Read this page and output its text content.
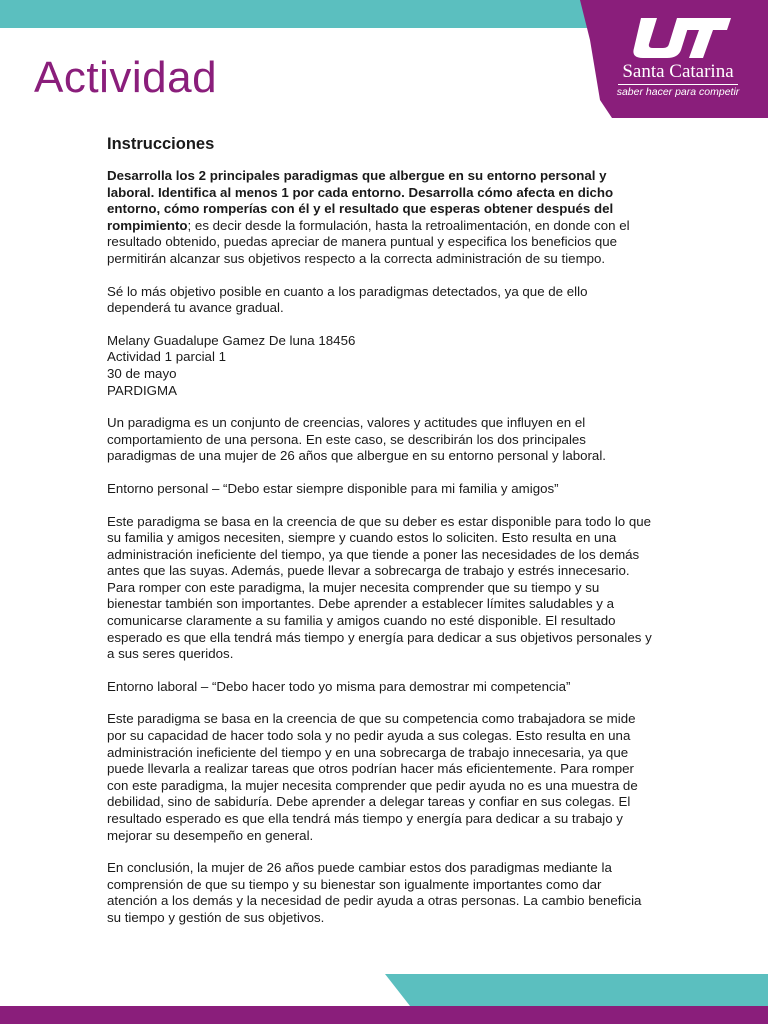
Actividad	Santa Catarina
saber hacer para competir
Instrucciones

Desarrolla los 2 principales paradigmas que albergue en su entorno personal y laboral. Identifica al menos 1 por cada entorno. Desarrolla cómo afecta en dicho entorno, cómo romperías con él y el resultado que esperas obtener después del rompimiento; es decir desde la formulación, hasta la retroalimentación, en donde con el resultado obtenido, puedas apreciar de manera puntual y especifica los beneficios que permitirán alcanzar sus objetivos respecto a la correcta administración de su tiempo.

Sé lo más objetivo posible en cuanto a los paradigmas detectados, ya que de ello dependerá tu avance gradual.

Melany Guadalupe Gamez De luna 18456
Actividad 1 parcial 1
30 de mayo
PARDIGMA

Un paradigma es un conjunto de creencias, valores y actitudes que influyen en el comportamiento de una persona. En este caso, se describirán los dos principales paradigmas de una mujer de 26 años que albergue en su entorno personal y laboral.

Entorno personal – “Debo estar siempre disponible para mi familia y amigos”

Este paradigma se basa en la creencia de que su deber es estar disponible para todo lo que su familia y amigos necesiten, siempre y cuando estos lo soliciten. Esto resulta en una administración ineficiente del tiempo, ya que tiende a poner las necesidades de los demás antes que las suyas. Además, puede llevar a sobrecarga de trabajo y estrés innecesario. Para romper con este paradigma, la mujer necesita comprender que su tiempo y su bienestar también son importantes. Debe aprender a establecer límites saludables y a comunicarse claramente a su familia y amigos cuando no esté disponible. El resultado esperado es que ella tendrá más tiempo y energía para dedicar a sus objetivos personales y a sus seres queridos.

Entorno laboral – “Debo hacer todo yo misma para demostrar mi competencia”

Este paradigma se basa en la creencia de que su competencia como trabajadora se mide por su capacidad de hacer todo sola y no pedir ayuda a sus colegas. Esto resulta en una administración ineficiente del tiempo y en una sobrecarga de trabajo innecesaria, ya que puede llevarla a realizar tareas que otros podrían hacer más eficientemente. Para romper con este paradigma, la mujer necesita comprender que pedir ayuda no es una muestra de debilidad, sino de sabiduría. Debe aprender a delegar tareas y confiar en sus colegas. El resultado esperado es que ella tendrá más tiempo y energía para dedicar a su trabajo y mejorar su desempeño en general.

En conclusión, la mujer de 26 años puede cambiar estos dos paradigmas mediante la comprensión de que su tiempo y su bienestar son igualmente importantes como dar atención a los demás y la necesidad de pedir ayuda a otras personas. La cambio beneficia su tiempo y gestión de sus objetivos.
